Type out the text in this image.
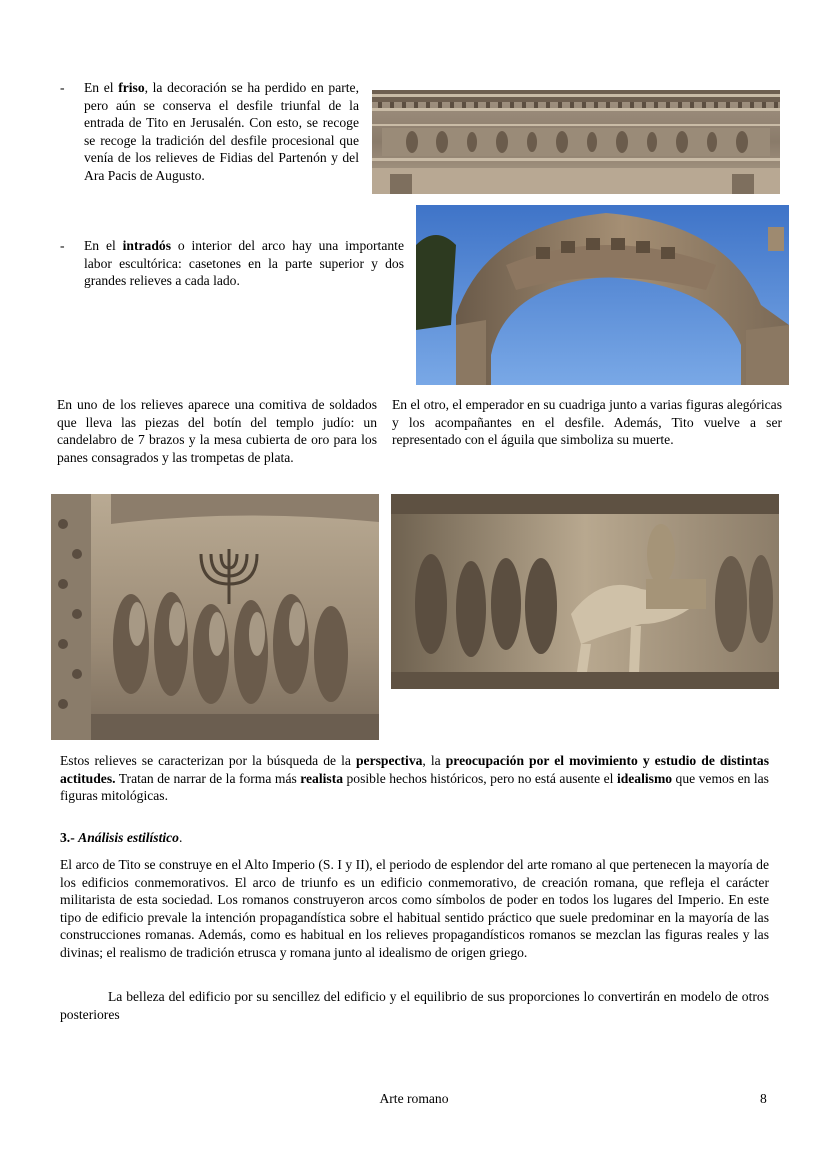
- En el friso, la decoración se ha perdido en parte, pero aún se conserva el desfile triunfal de la entrada de Tito en Jerusalén. Con esto, se recoge se recoge la tradición del desfile procesional que venía de los relieves de Fidias del Partenón y del Ara Pacis de Augusto.
- En el intradós o interior del arco hay una importante labor escultórica: casetones en la parte superior y dos grandes relieves a cada lado.
En uno de los relieves aparece una comitiva de soldados que lleva las piezas del botín del templo judío: un candelabro de 7 brazos y la mesa cubierta de oro para los panes consagrados y las trompetas de plata.
En el otro, el emperador en su cuadriga junto a varias figuras alegóricas y los acompañantes en el desfile. Además, Tito vuelve a ser representado con el águila que simboliza su muerte.
Estos relieves se caracterizan por la búsqueda de la perspectiva, la preocupación por el movimiento y estudio de distintas actitudes. Tratan de narrar de la forma más realista posible hechos históricos, pero no está ausente el idealismo que vemos en las figuras mitológicas.
3.- Análisis estilístico.
El arco de Tito se construye en el Alto Imperio (S. I y II), el periodo de esplendor del arte romano al que pertenecen la mayoría de los edificios conmemorativos. El arco de triunfo es un edificio conmemorativo, de creación romana, que refleja el carácter militarista de esta sociedad. Los romanos construyeron arcos como símbolos de poder en todos los lugares del Imperio. En este tipo de edificio prevale la intención propagandística sobre el habitual sentido práctico que suele predominar en la mayoría de las construcciones romanas. Además, como es habitual en los relieves propagandísticos romanos se mezclan las figuras reales y las divinas; el realismo de tradición etrusca y romana junto al idealismo de origen griego.
La belleza del edificio por su sencillez del edificio y el equilibrio de sus proporciones lo convertirán en modelo de otros posteriores
Arte romano	8
